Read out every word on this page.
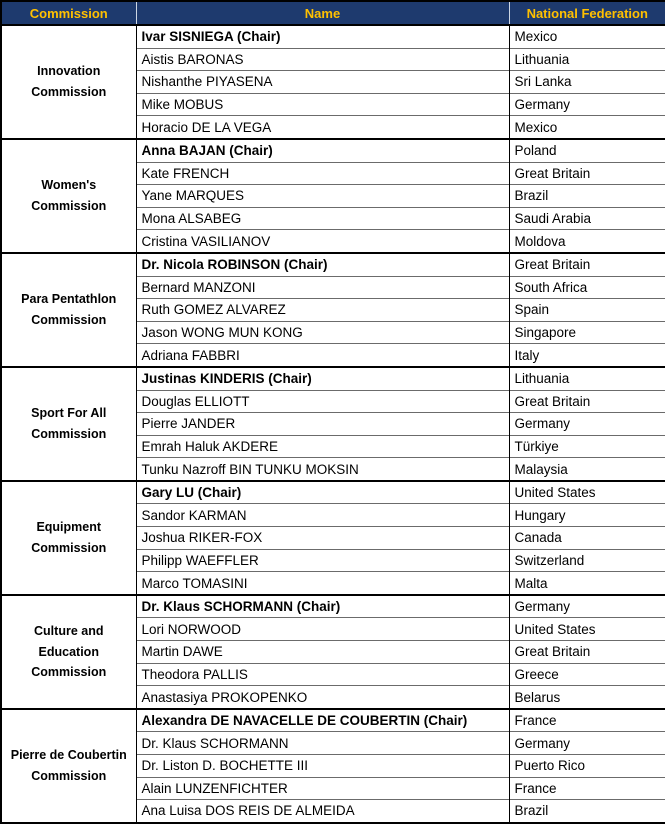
Commission	Name	National Federation
Innovation Commission	Ivar SISNIEGA (Chair)	Mexico
	Aistis BARONAS	Lithuania
	Nishanthe PIYASENA	Sri Lanka
	Mike MOBUS	Germany
	Horacio DE LA VEGA	Mexico
Women's Commission	Anna BAJAN (Chair)	Poland
	Kate FRENCH	Great Britain
	Yane MARQUES	Brazil
	Mona ALSABEG	Saudi Arabia
	Cristina VASILIANOV	Moldova
Para Pentathlon Commission	Dr. Nicola ROBINSON (Chair)	Great Britain
	Bernard MANZONI	South Africa
	Ruth GOMEZ ALVAREZ	Spain
	Jason WONG MUN KONG	Singapore
	Adriana FABBRI	Italy
Sport For All Commission	Justinas KINDERIS (Chair)	Lithuania
	Douglas ELLIOTT	Great Britain
	Pierre JANDER	Germany
	Emrah Haluk AKDERE	Türkiye
	Tunku Nazroff BIN TUNKU MOKSIN	Malaysia
Equipment Commission	Gary LU (Chair)	United States
	Sandor KARMAN	Hungary
	Joshua RIKER-FOX	Canada
	Philipp WAEFFLER	Switzerland
	Marco TOMASINI	Malta
Culture and Education Commission	Dr. Klaus SCHORMANN (Chair)	Germany
	Lori NORWOOD	United States
	Martin DAWE	Great Britain
	Theodora PALLIS	Greece
	Anastasiya PROKOPENKO	Belarus
Pierre de Coubertin Commission	Alexandra DE NAVACELLE DE COUBERTIN (Chair)	France
	Dr. Klaus SCHORMANN	Germany
	Dr. Liston D. BOCHETTE III	Puerto Rico
	Alain LUNZENFICHTER	France
	Ana Luisa DOS REIS DE ALMEIDA	Brazil
